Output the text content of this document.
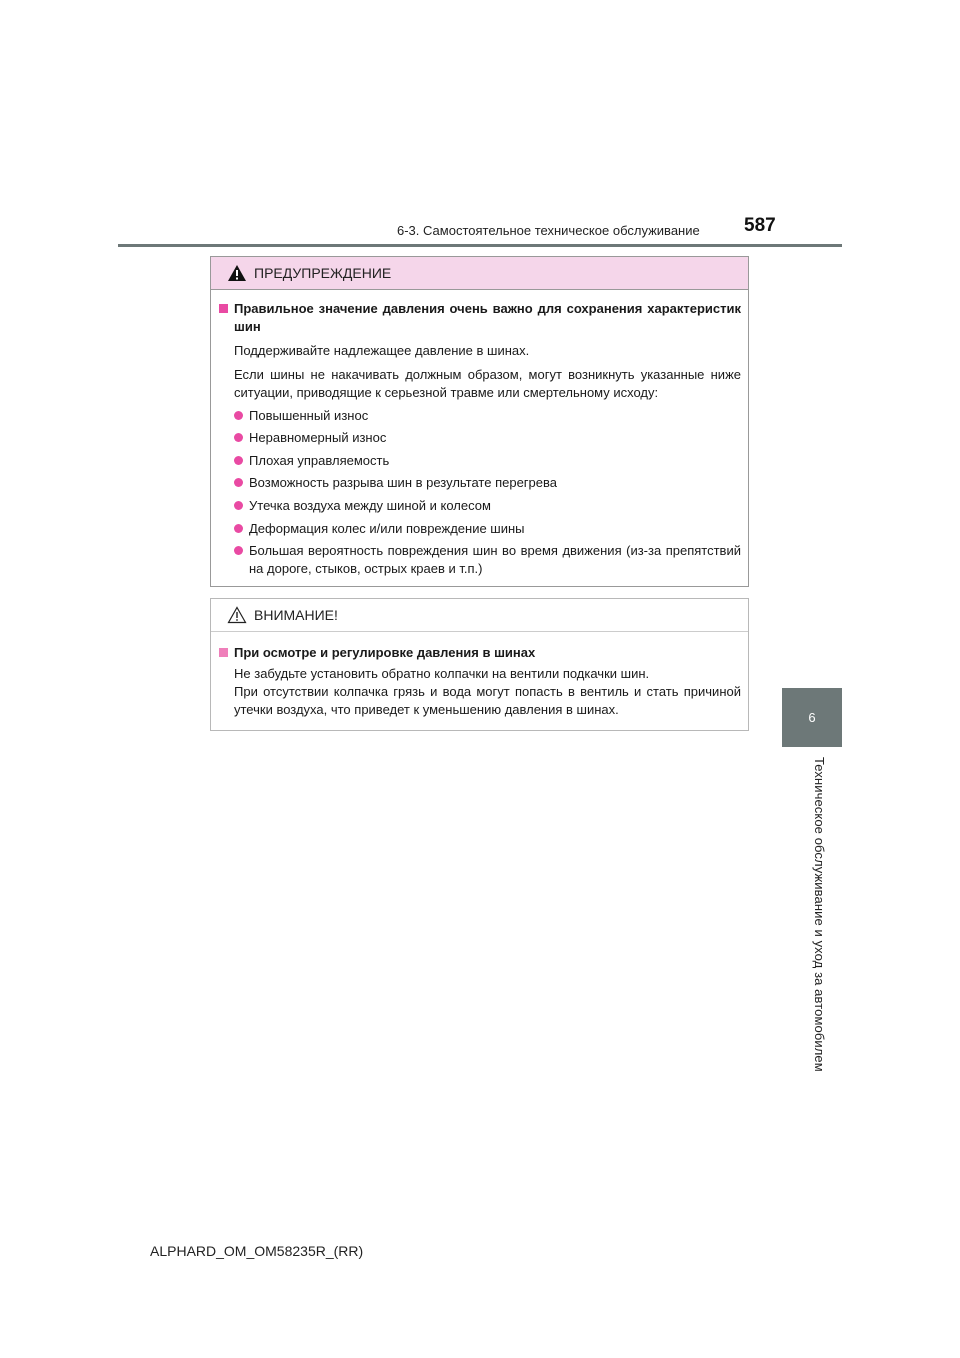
6-3. Самостоятельное техническое обслуживание 587
6
Техническое обслуживание и уход за автомобилем
ПРЕДУПРЕЖДЕНИЕ
Правильное значение давления очень важно для сохранения характеристик шин
Поддерживайте надлежащее давление в шинах.
Если шины не накачивать должным образом, могут возникнуть указанные ниже ситуации, приводящие к серьезной травме или смертельному исходу:
Повышенный износ
Неравномерный износ
Плохая управляемость
Возможность разрыва шин в результате перегрева
Утечка воздуха между шиной и колесом
Деформация колес и/или повреждение шины
Большая вероятность повреждения шин во время движения (из-за препятствий на дороге, стыков, острых краев и т.п.)
ВНИМАНИЕ!
При осмотре и регулировке давления в шинах
Не забудьте установить обратно колпачки на вентили подкачки шин.
При отсутствии колпачка грязь и вода могут попасть в вентиль и стать причиной утечки воздуха, что приведет к уменьшению давления в шинах.
ALPHARD_OM_OM58235R_(RR)
